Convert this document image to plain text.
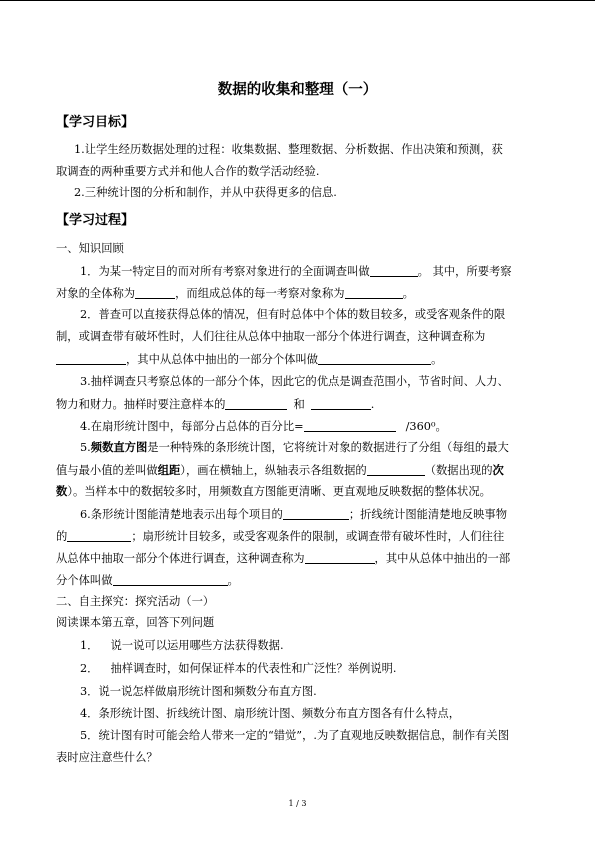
数据的收集和整理（一）
【学习目标】
1.让学生经历数据处理的过程：收集数据、整理数据、分析数据、作出决策和预测，获
取调查的两种重要方式并和他人合作的数学活动经验.
2.三种统计图的分析和制作，并从中获得更多的信息.
【学习过程】
一、知识回顾
1．为某一特定目的而对所有考察对象进行的全面调查叫做	。 其中，所要考察
对象的全体称为	，而组成总体的每一考察对象称为	。
2．普查可以直接获得总体的情况，但有时总体中个体的数目较多，或受客观条件的限
制，或调查带有破坏性时，人们往往从总体中抽取一部分个体进行调查，这种调查称为
，其中从总体中抽出的一部分个体叫做	。
3.抽样调查只考察总体的一部分个体，因此它的优点是调查范围小，节省时间、人力、
物力和财力。抽样时要注意样本的	和	.
4.在扇形统计图中，每部分占总体的百分比=	/360⁰。
5.频数直方图是一种特殊的条形统计图，它将统计对象的数据进行了分组（每组的最大
值与最小值的差叫做组距），画在横轴上，纵轴表示各组数据的	（数据出现的次
数）。当样本中的数据较多时，用频数直方图能更清晰、更直观地反映数据的整体状况。
6.条形统计图能清楚地表示出每个项目的	；折线统计图能清楚地反映事物
的	；扇形统计目较多，或受客观条件的限制，或调查带有破坏性时，人们往往
从总体中抽取一部分个体进行调查，这种调查称为	，其中从总体中抽出的一部
分个体叫做	。
二、自主探究：探究活动（一）
阅读课本第五章，回答下列问题
1． 说一说可以运用哪些方法获得数据.
2． 抽样调查时，如何保证样本的代表性和广泛性？举例说明.
3．说一说怎样做扇形统计图和频数分布直方图.
4．条形统计图、折线统计图、扇形统计图、频数分布直方图各有什么特点，
5．统计图有时可能会给人带来一定的“错觉”，.为了直观地反映数据信息，制作有关图
表时应注意些什么？
1 / 3
